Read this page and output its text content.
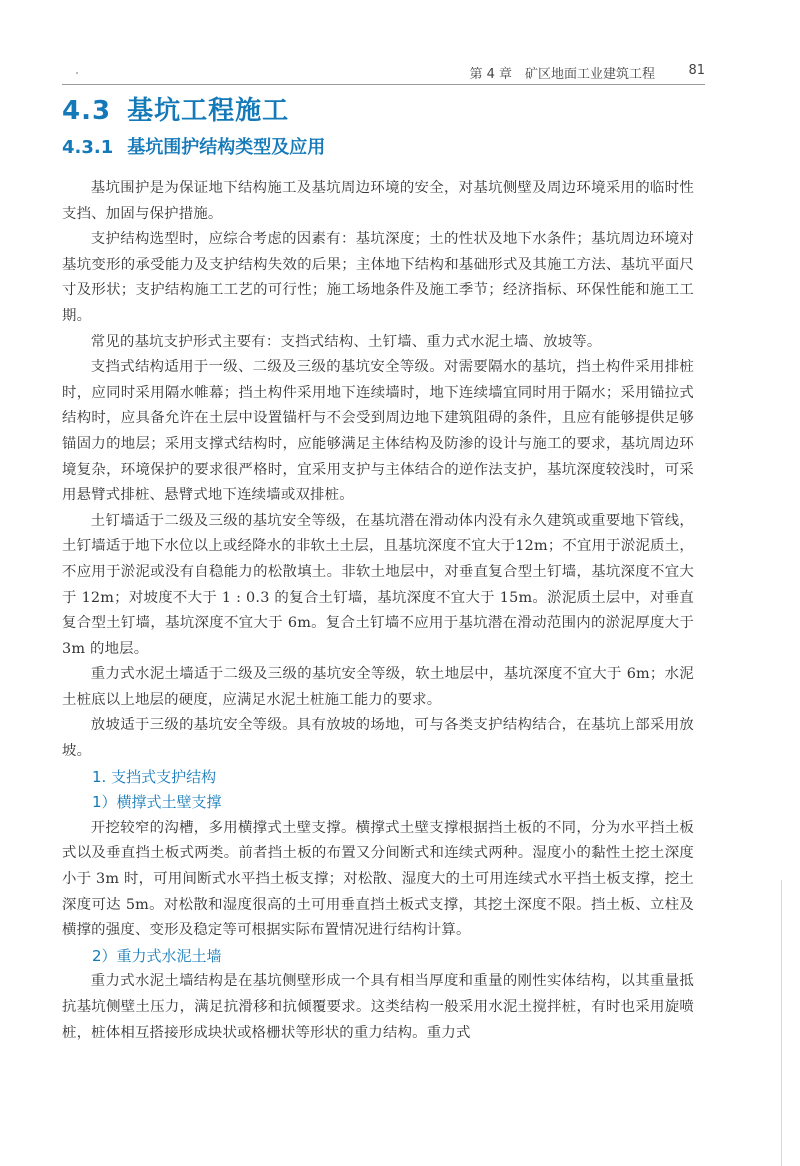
第 4 章　矿区地面工业建筑工程	81
4.3 基坑工程施工
4.3.1 基坑围护结构类型及应用

基坑围护是为保证地下结构施工及基坑周边环境的安全，对基坑侧壁及周边环境采用的临时性支挡、加固与保护措施。

支护结构选型时，应综合考虑的因素有：基坑深度；土的性状及地下水条件；基坑周边环境对基坑变形的承受能力及支护结构失效的后果；主体地下结构和基础形式及其施工方法、基坑平面尺寸及形状；支护结构施工工艺的可行性；施工场地条件及施工季节；经济指标、环保性能和施工工期。

常见的基坑支护形式主要有：支挡式结构、土钉墙、重力式水泥土墙、放坡等。

支挡式结构适用于一级、二级及三级的基坑安全等级。对需要隔水的基坑，挡土构件采用排桩时，应同时采用隔水帷幕；挡土构件采用地下连续墙时，地下连续墙宜同时用于隔水；采用锚拉式结构时，应具备允许在土层中设置锚杆与不会受到周边地下建筑阻碍的条件，且应有能够提供足够锚固力的地层；采用支撑式结构时，应能够满足主体结构及防渗的设计与施工的要求，基坑周边环境复杂，环境保护的要求很严格时，宜采用支护与主体结合的逆作法支护，基坑深度较浅时，可采用悬臂式排桩、悬臂式地下连续墙或双排桩。

土钉墙适于二级及三级的基坑安全等级，在基坑潜在滑动体内没有永久建筑或重要地下管线，土钉墙适于地下水位以上或经降水的非软土土层，且基坑深度不宜大于12m；不宜用于淤泥质土，不应用于淤泥或没有自稳能力的松散填土。非软土地层中，对垂直复合型土钉墙，基坑深度不宜大于 12m；对坡度不大于 1 : 0.3 的复合土钉墙，基坑深度不宜大于 15m。淤泥质土层中，对垂直复合型土钉墙，基坑深度不宜大于 6m。复合土钉墙不应用于基坑潜在滑动范围内的淤泥厚度大于 3m 的地层。

重力式水泥土墙适于二级及三级的基坑安全等级，软土地层中，基坑深度不宜大于 6m；水泥土桩底以上地层的硬度，应满足水泥土桩施工能力的要求。

放坡适于三级的基坑安全等级。具有放坡的场地，可与各类支护结构结合，在基坑上部采用放坡。

1. 支挡式支护结构
1）横撑式土壁支撑

开挖较窄的沟槽，多用横撑式土壁支撑。横撑式土壁支撑根据挡土板的不同，分为水平挡土板式以及垂直挡土板式两类。前者挡土板的布置又分间断式和连续式两种。湿度小的黏性土挖土深度小于 3m 时，可用间断式水平挡土板支撑；对松散、湿度大的土可用连续式水平挡土板支撑，挖土深度可达 5m。对松散和湿度很高的土可用垂直挡土板式支撑，其挖土深度不限。挡土板、立柱及横撑的强度、变形及稳定等可根据实际布置情况进行结构计算。

2）重力式水泥土墙

重力式水泥土墙结构是在基坑侧壁形成一个具有相当厚度和重量的刚性实体结构，以其重量抵抗基坑侧壁土压力，满足抗滑移和抗倾覆要求。这类结构一般采用水泥土搅拌桩，有时也采用旋喷桩，桩体相互搭接形成块状或格栅状等形状的重力结构。重力式
